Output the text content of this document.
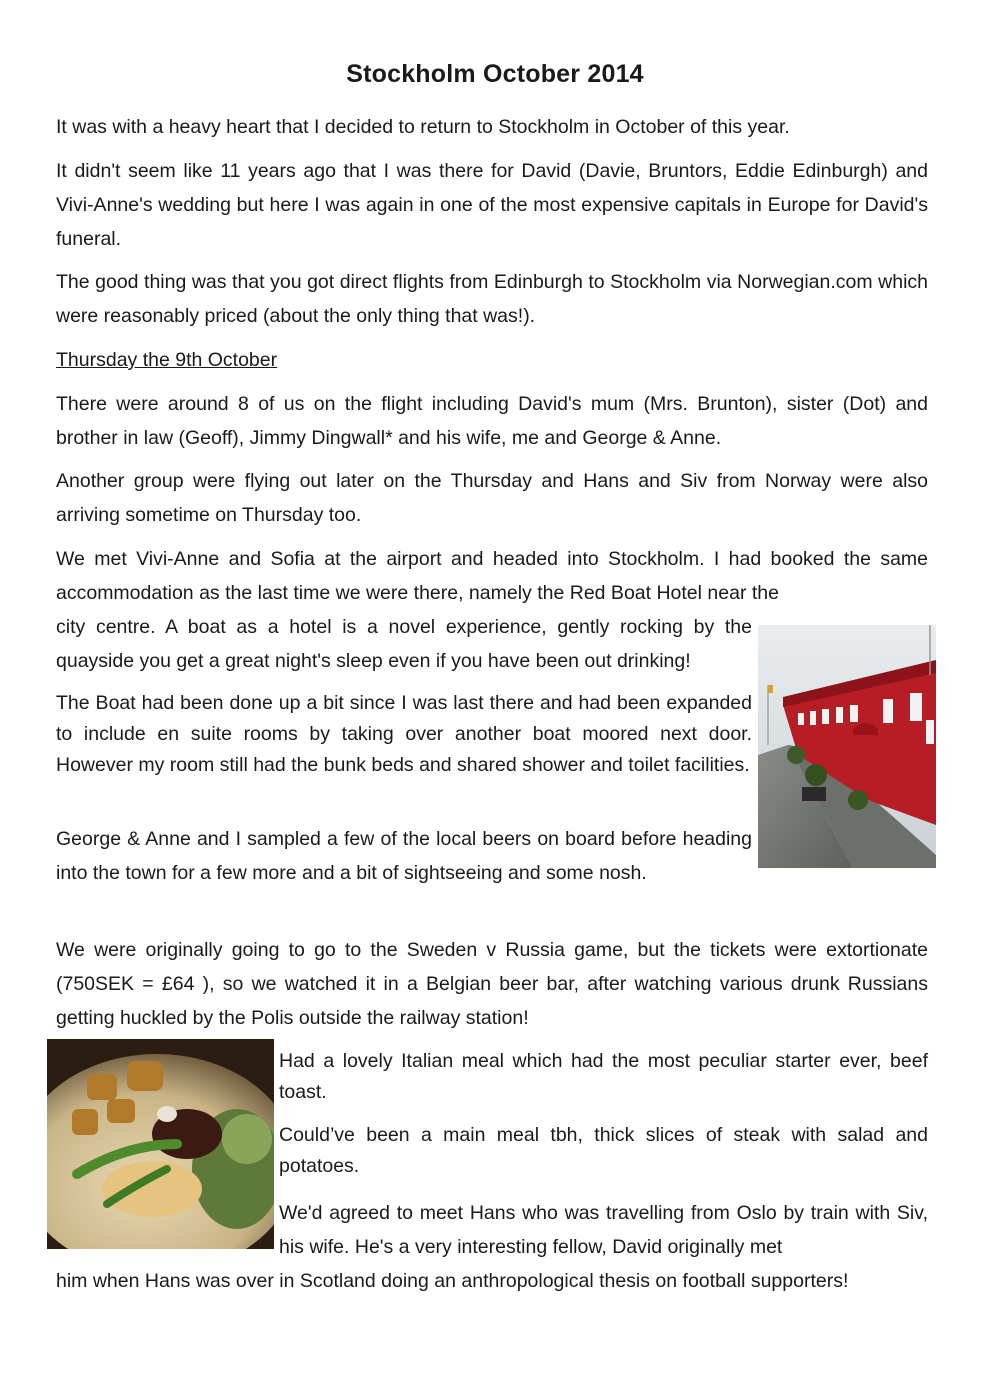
Stockholm October 2014

It was with a heavy heart that I decided to return to Stockholm in October of this year.

It didn't seem like 11 years ago that I was there for David (Davie, Bruntors, Eddie Edinburgh) and Vivi-Anne's wedding but here I was again in one of the most expensive capitals in Europe for David's funeral.

The good thing was that you got direct flights from Edinburgh to Stockholm via Norwegian.com which were reasonably priced (about the only thing that was!).

Thursday the 9th October

There were around 8 of us on the flight including David's mum (Mrs. Brunton), sister (Dot) and brother in law (Geoff), Jimmy Dingwall* and his wife, me and George & Anne.

Another group were flying out later on the Thursday and Hans and Siv from Norway were also arriving sometime on Thursday too.

We met Vivi-Anne and Sofia at the airport and headed into Stockholm. I had booked the same accommodation as the last time we were there, namely the Red Boat Hotel near the

city centre. A boat as a hotel is a novel experience, gently rocking by the quayside you get a great night's sleep even if you have been out drinking!

The Boat had been done up a bit since I was last there and had been expanded to include en suite rooms by taking over another boat moored next door. However my room still had the bunk beds and shared shower and toilet facilities.

George & Anne and I sampled a few of the local beers on board before heading into the town for a few more and a bit of sightseeing and some nosh.

We were originally going to go to the Sweden v Russia game, but the tickets were extortionate (750SEK = £64 ), so we watched it in a Belgian beer bar, after watching various drunk Russians getting huckled by the Polis outside the railway station!

Had a lovely Italian meal which had the most peculiar starter ever, beef toast.

Could’ve been a main meal tbh, thick slices of steak with salad and potatoes.

We'd agreed to meet Hans who was travelling from Oslo by train with Siv, his wife. He's a very interesting fellow, David originally met

him when Hans was over in Scotland doing an anthropological thesis on football supporters!
